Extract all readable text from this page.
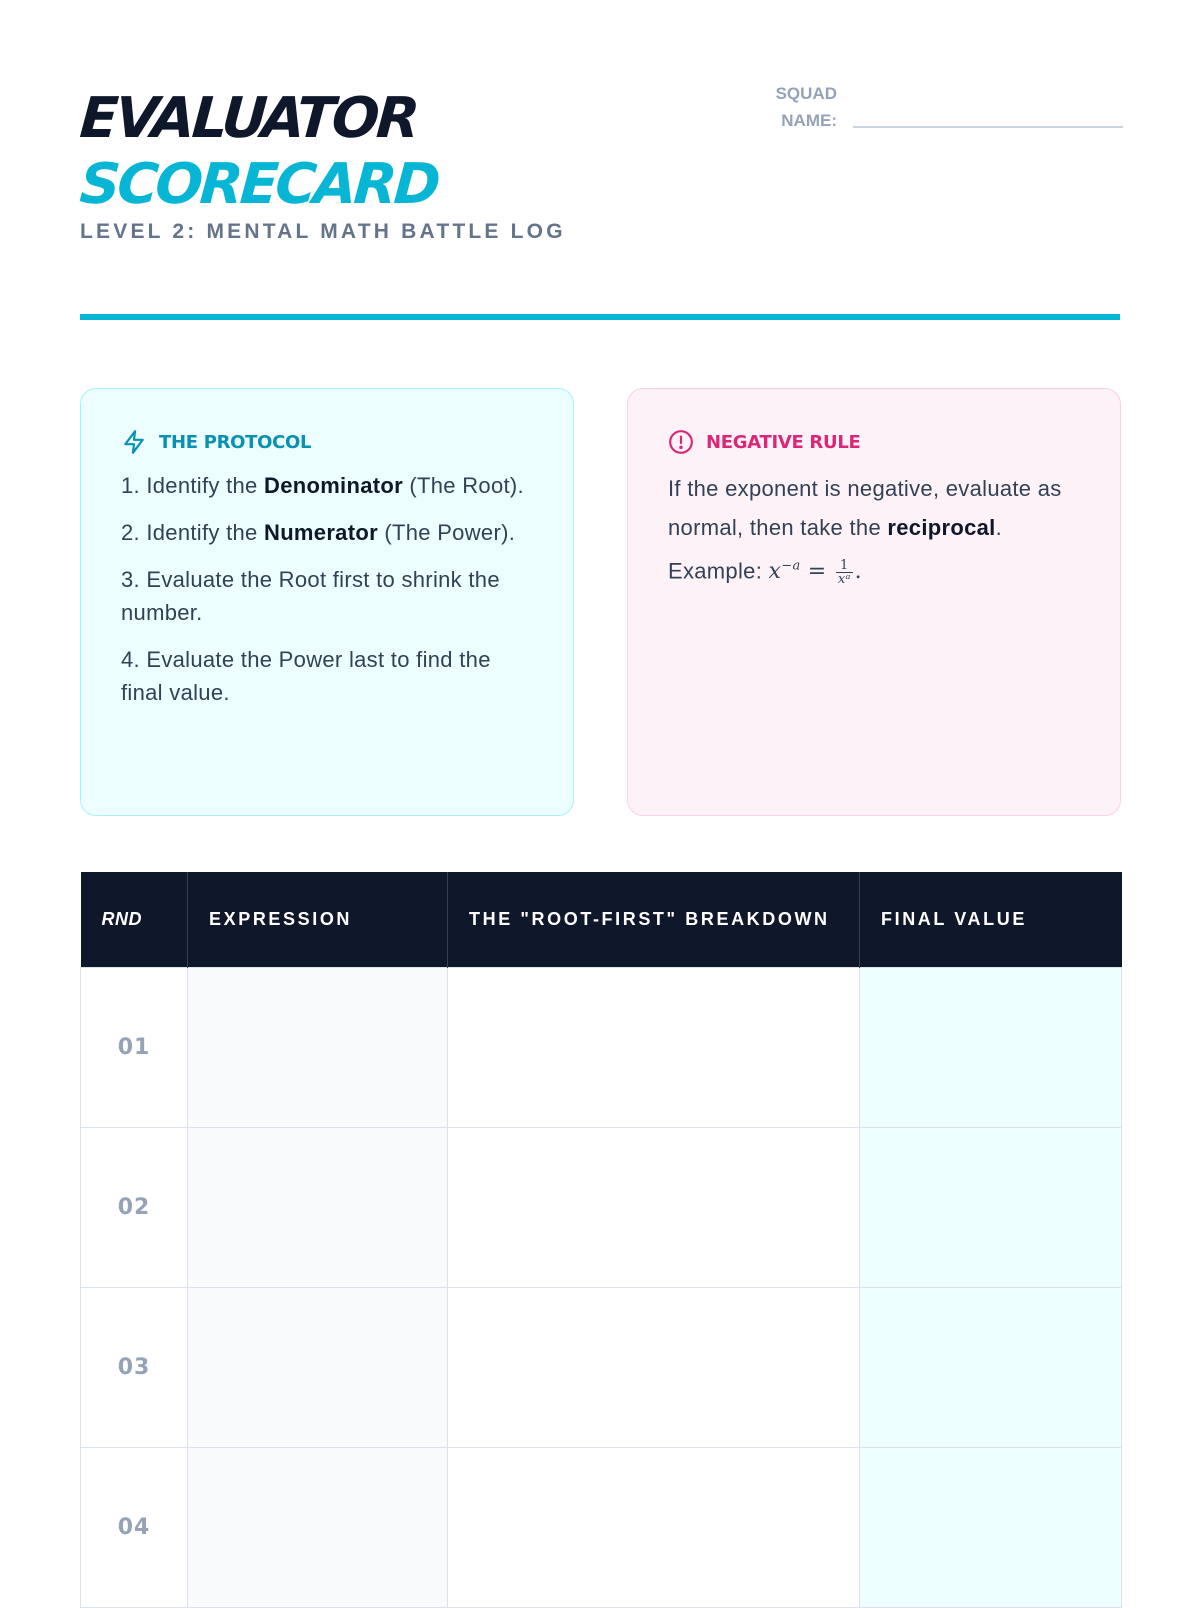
EVALUATOR
SCORECARD
LEVEL 2: MENTAL MATH BATTLE LOG
SQUAD
NAME:
THE PROTOCOL
1. Identify the Denominator (The Root).
2. Identify the Numerator (The Power).
3. Evaluate the Root first to shrink the number.
4. Evaluate the Power last to find the final value.
NEGATIVE RULE
If the exponent is negative, evaluate as normal, then take the reciprocal. Example: $x^{-a} = \frac{1}{\text{xᵃ}}$ .
RND	EXPRESSION	THE "ROOT-FIRST" BREAKDOWN	FINAL VALUE
01			
02			
03			
04			
